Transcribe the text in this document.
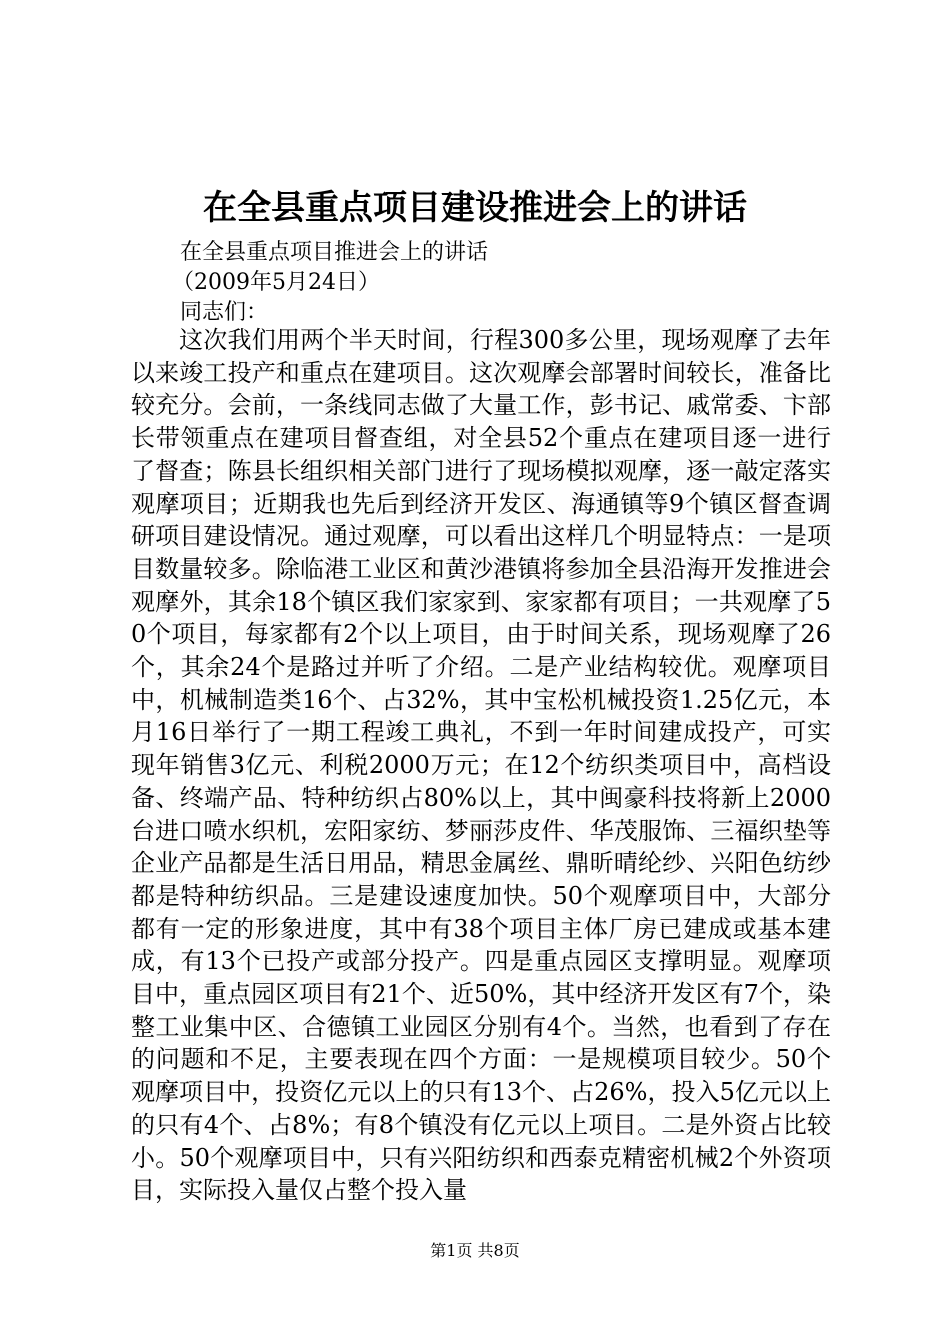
在全县重点项目建设推进会上的讲话

在全县重点项目推进会上的讲话

（2009年5月24日）

同志们：

这次我们用两个半天时间，行程300多公里，现场观摩了去年以来竣工投产和重点在建项目。这次观摩会部署时间较长，准备比较充分。会前，一条线同志做了大量工作，彭书记、戚常委、卞部长带领重点在建项目督查组，对全县52个重点在建项目逐一进行了督查；陈县长组织相关部门进行了现场模拟观摩，逐一敲定落实观摩项目；近期我也先后到经济开发区、海通镇等9个镇区督查调研项目建设情况。通过观摩，可以看出这样几个明显特点：一是项目数量较多。除临港工业区和黄沙港镇将参加全县沿海开发推进会观摩外，其余18个镇区我们家家到、家家都有项目；一共观摩了50个项目，每家都有2个以上项目，由于时间关系，现场观摩了26个，其余24个是路过并听了介绍。二是产业结构较优。观摩项目中，机械制造类16个、占32%，其中宝松机械投资1.25亿元，本月16日举行了一期工程竣工典礼，不到一年时间建成投产，可实现年销售3亿元、利税2000万元；在12个纺织类项目中，高档设备、终端产品、特种纺织占80%以上，其中闽豪科技将新上2000台进口喷水织机，宏阳家纺、梦丽莎皮件、华茂服饰、三福织垫等企业产品都是生活日用品，精思金属丝、鼎昕晴纶纱、兴阳色纺纱都是特种纺织品。三是建设速度加快。50个观摩项目中，大部分都有一定的形象进度，其中有38个项目主体厂房已建成或基本建成，有13个已投产或部分投产。四是重点园区支撑明显。观摩项目中，重点园区项目有21个、近50%，其中经济开发区有7个，染整工业集中区、合德镇工业园区分别有4个。当然，也看到了存在的问题和不足，主要表现在四个方面：一是规模项目较少。50个观摩项目中，投资亿元以上的只有13个、占26%，投入5亿元以上的只有4个、占8%；有8个镇没有亿元以上项目。二是外资占比较小。50个观摩项目中，只有兴阳纺织和西泰克精密机械2个外资项目，实际投入量仅占整个投入量

第1页 共8页
